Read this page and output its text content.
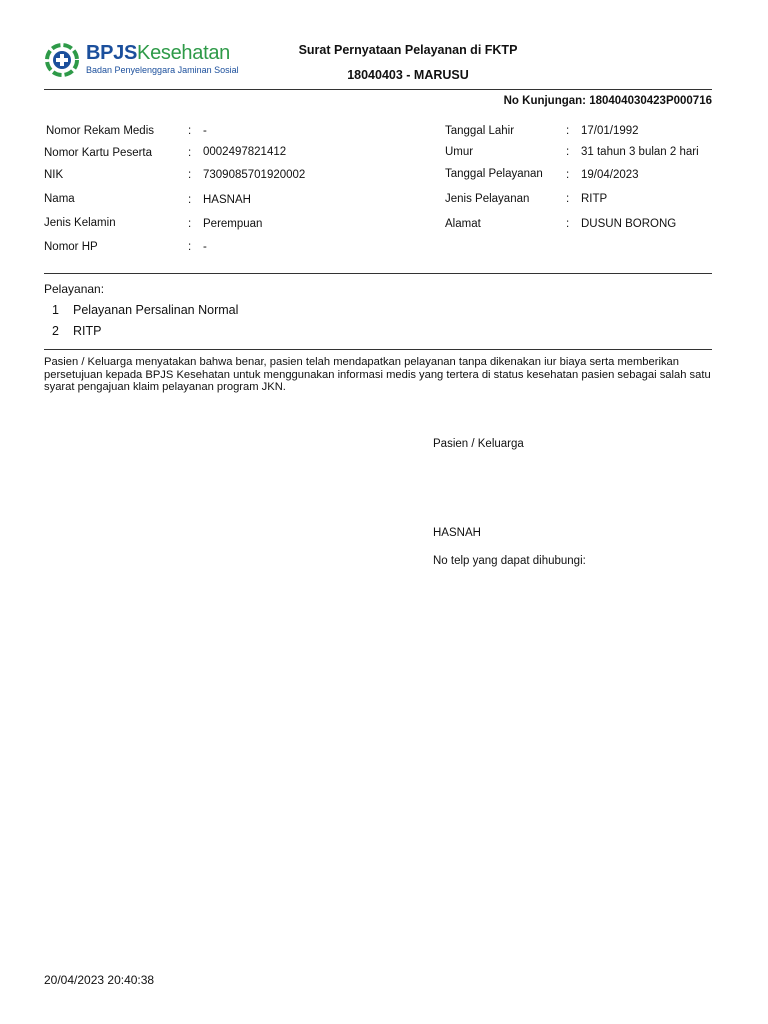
BPJSKesehatan
Badan Penyelenggara Jaminan Sosial
Surat Pernyataan Pelayanan di FKTP
18040403 - MARUSU
No Kunjungan: 180404030423P000716
Nomor Rekam Medis	: -
Nomor Kartu Peserta	: 0002497821412
NIK	: 7309085701920002
Nama	: HASNAH
Jenis Kelamin	: Perempuan
Nomor HP	: -
Tanggal Lahir	: 17/01/1992
Umur	: 31 tahun 3 bulan 2 hari
Tanggal Pelayanan : 19/04/2023
Jenis Pelayanan	: RITP
Alamat	: DUSUN BORONG
Pelayanan:
1 Pelayanan Persalinan Normal
2 RITP
Pasien / Keluarga menyatakan bahwa benar, pasien telah mendapatkan pelayanan tanpa dikenakan iur biaya serta memberikan persetujuan kepada BPJS Kesehatan untuk menggunakan informasi medis yang tertera di status kesehatan pasien sebagai salah satu syarat pengajuan klaim pelayanan program JKN.
Pasien / Keluarga
HASNAH
No telp yang dapat dihubungi:
20/04/2023 20:40:38
